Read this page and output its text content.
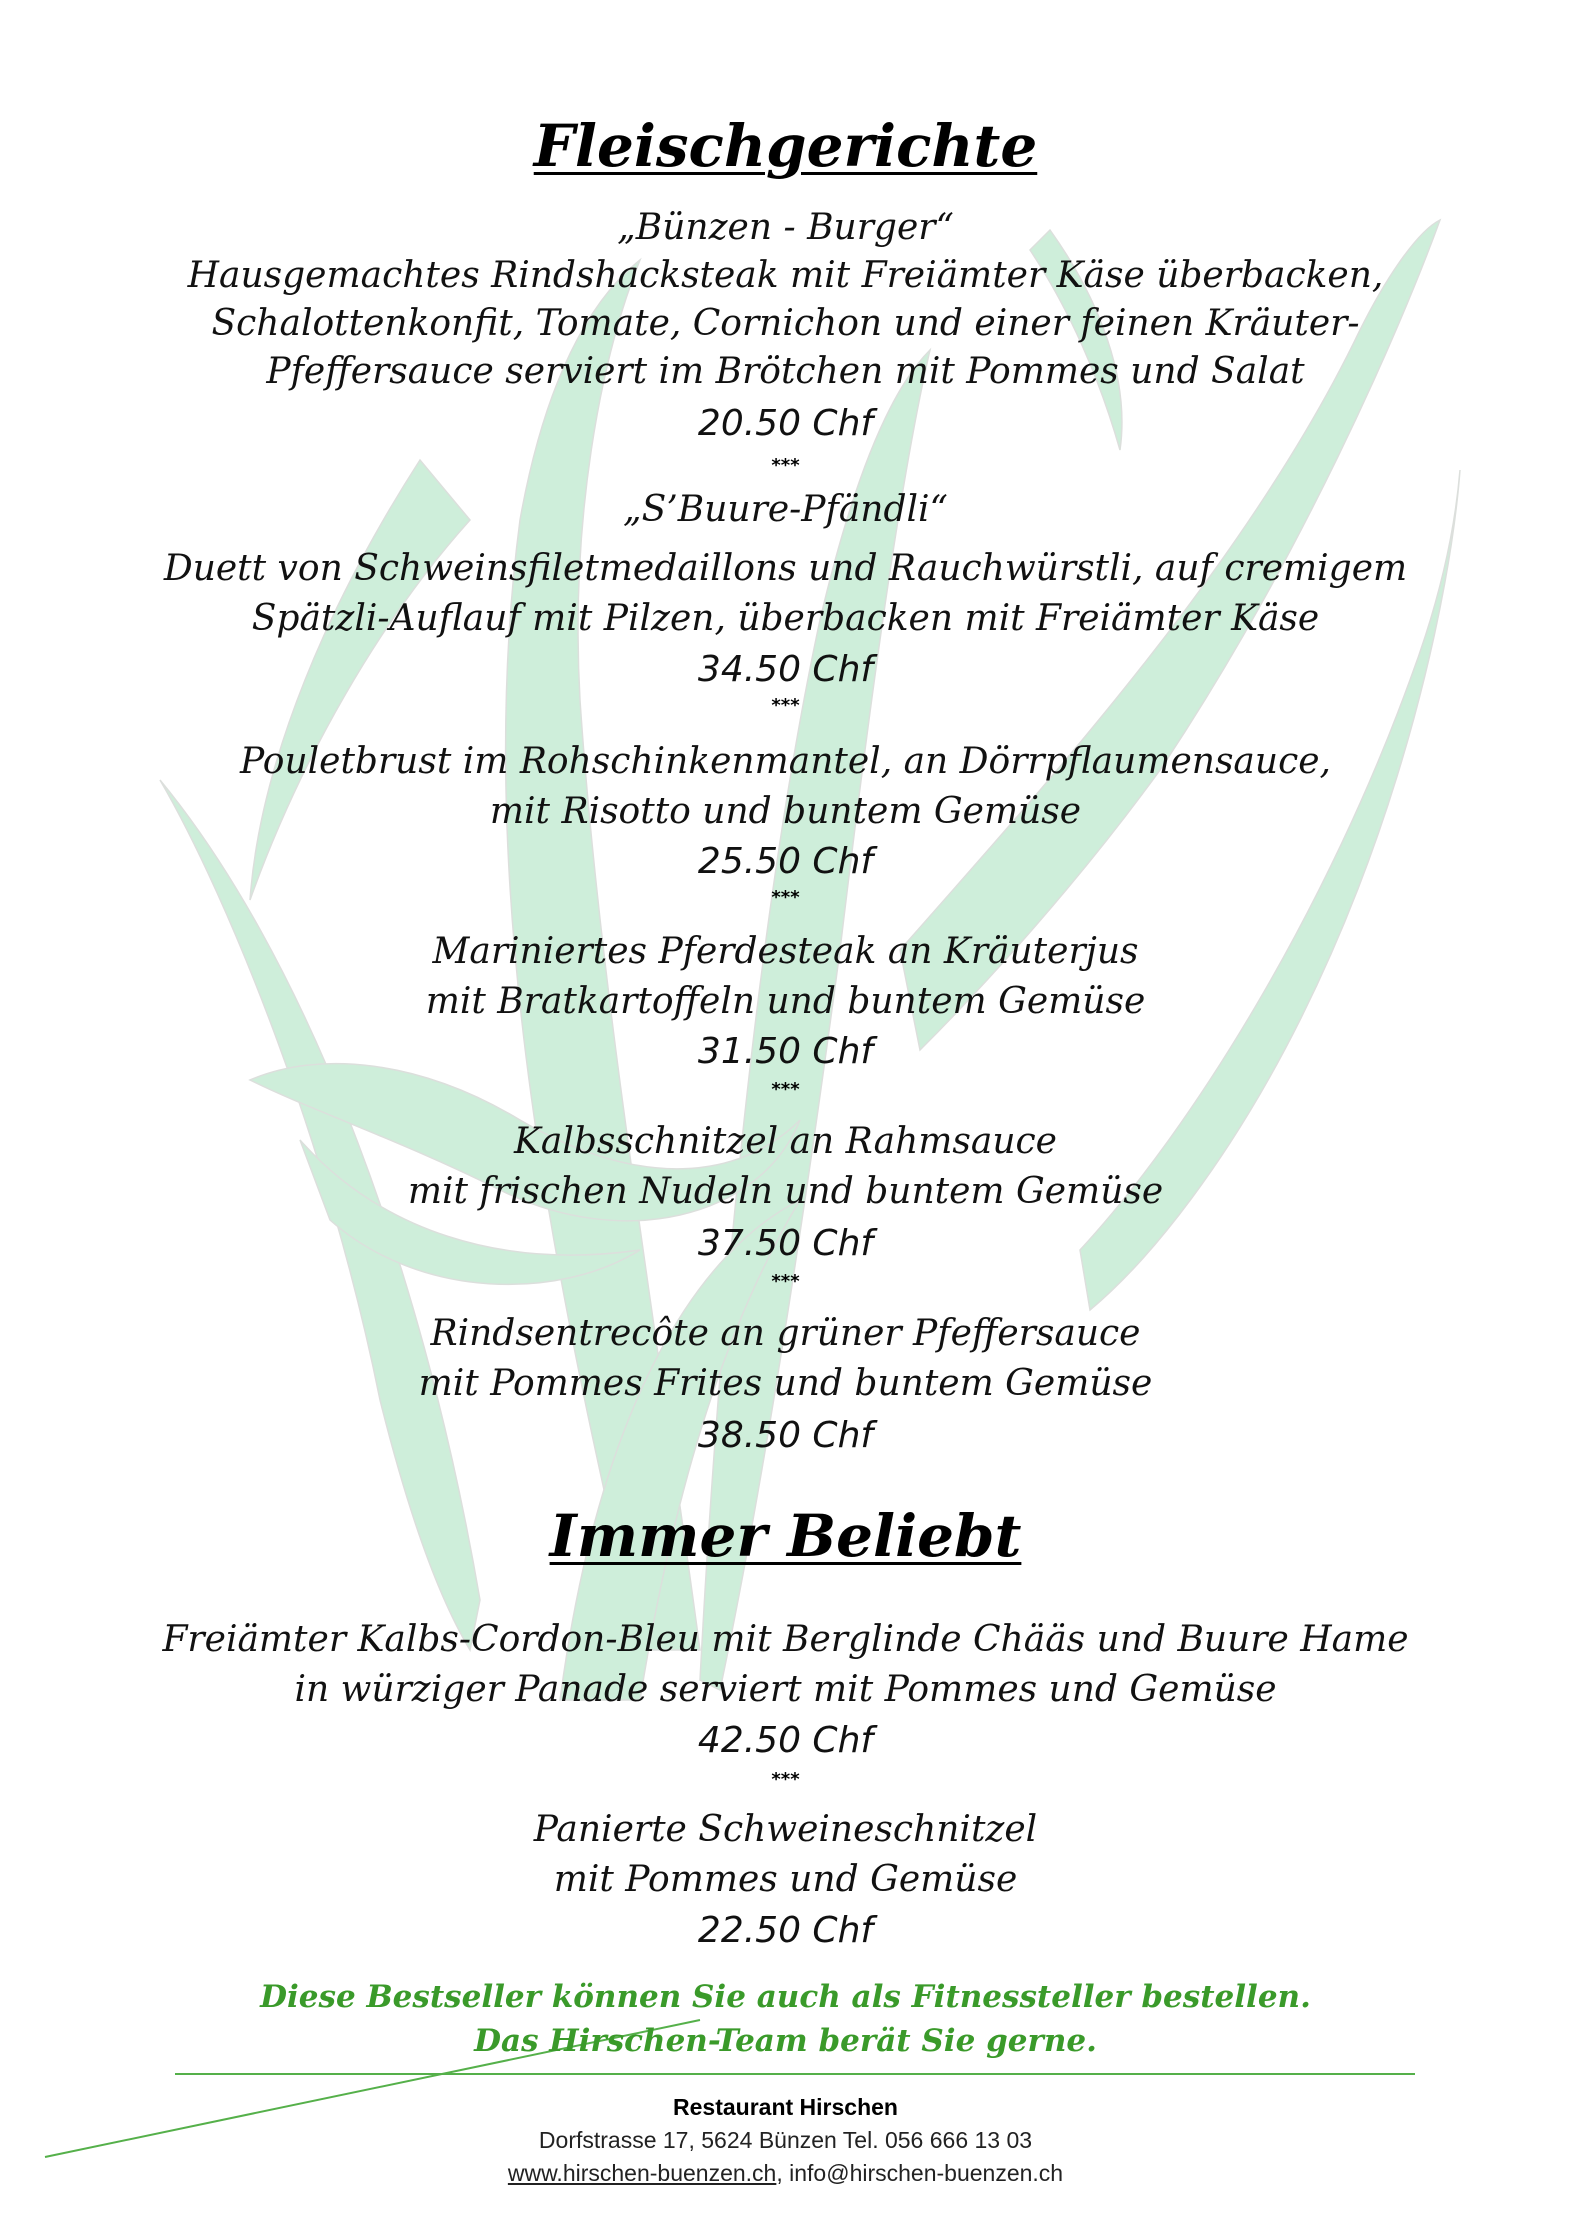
Fleischgerichte
„Bünzen - Burger“
Hausgemachtes Rindshacksteak mit Freiämter Käse überbacken,
Schalottenkonfit, Tomate, Cornichon und einer feinen Kräuter-
Pfeffersauce serviert im Brötchen mit Pommes und Salat
20.50 Chf
***
„S’Buure-Pfändli“
Duett von Schweinsfiletmedaillons und Rauchwürstli, auf cremigem
Spätzli-Auflauf mit Pilzen, überbacken mit Freiämter Käse
34.50 Chf
***
Pouletbrust im Rohschinkenmantel, an Dörrpflaumensauce,
mit Risotto und buntem Gemüse
25.50 Chf
***
Mariniertes Pferdesteak an Kräuterjus
mit Bratkartoffeln und buntem Gemüse
31.50 Chf
***
Kalbsschnitzel an Rahmsauce
mit frischen Nudeln und buntem Gemüse
37.50 Chf
***
Rindsentrecôte an grüner Pfeffersauce
mit Pommes Frites und buntem Gemüse
38.50 Chf
Immer Beliebt
Freiämter Kalbs-Cordon-Bleu mit Berglinde Chääs und Buure Hame
in würziger Panade serviert mit Pommes und Gemüse
42.50 Chf
***
Panierte Schweineschnitzel
mit Pommes und Gemüse
22.50 Chf
Diese Bestseller können Sie auch als Fitnessteller bestellen.
Das Hirschen-Team berät Sie gerne.
Restaurant Hirschen
Dorfstrasse 17, 5624 Bünzen Tel. 056 666 13 03
www.hirschen-buenzen.ch, info@hirschen-buenzen.ch
